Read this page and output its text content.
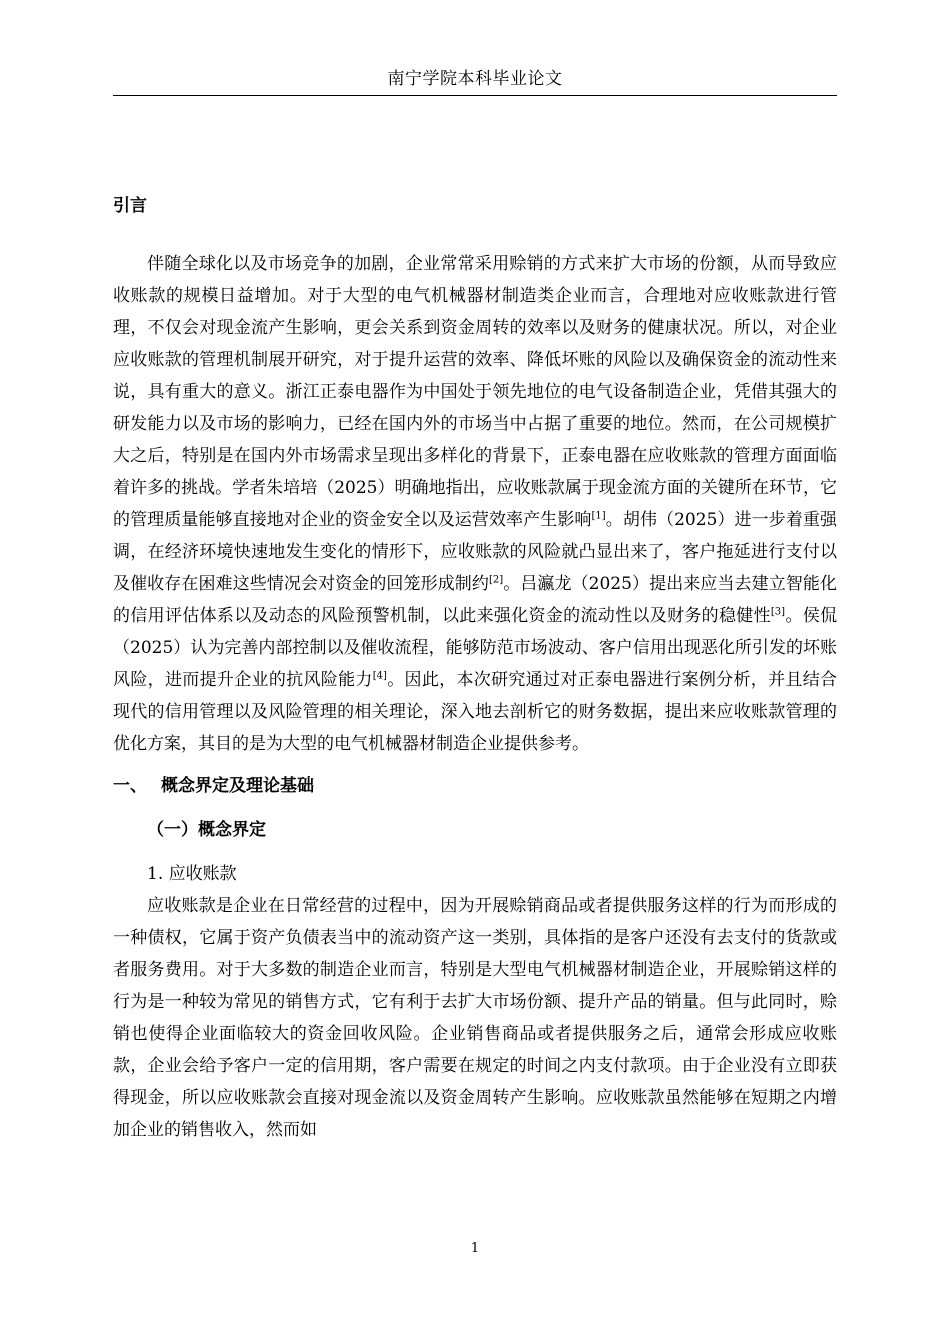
南宁学院本科毕业论文
引言

伴随全球化以及市场竞争的加剧，企业常常采用赊销的方式来扩大市场的份额，从而导致应收账款的规模日益增加。对于大型的电气机械器材制造类企业而言，合理地对应收账款进行管理，不仅会对现金流产生影响，更会关系到资金周转的效率以及财务的健康状况。所以，对企业应收账款的管理机制展开研究，对于提升运营的效率、降低坏账的风险以及确保资金的流动性来说，具有重大的意义。浙江正泰电器作为中国处于领先地位的电气设备制造企业，凭借其强大的研发能力以及市场的影响力，已经在国内外的市场当中占据了重要的地位。然而，在公司规模扩大之后，特别是在国内外市场需求呈现出多样化的背景下，正泰电器在应收账款的管理方面面临着许多的挑战。学者朱培培（2025）明确地指出，应收账款属于现金流方面的关键所在环节，它的管理质量能够直接地对企业的资金安全以及运营效率产生影响[1]。胡伟（2025）进一步着重强调，在经济环境快速地发生变化的情形下，应收账款的风险就凸显出来了，客户拖延进行支付以及催收存在困难这些情况会对资金的回笼形成制约[2]。吕瀛龙（2025）提出来应当去建立智能化的信用评估体系以及动态的风险预警机制，以此来强化资金的流动性以及财务的稳健性[3]。侯侃（2025）认为完善内部控制以及催收流程，能够防范市场波动、客户信用出现恶化所引发的坏账风险，进而提升企业的抗风险能力[4]。因此，本次研究通过对正泰电器进行案例分析，并且结合现代的信用管理以及风险管理的相关理论，深入地去剖析它的财务数据，提出来应收账款管理的优化方案，其目的是为大型的电气机械器材制造企业提供参考。

一、 概念界定及理论基础
（一）概念界定
1. 应收账款

应收账款是企业在日常经营的过程中，因为开展赊销商品或者提供服务这样的行为而形成的一种债权，它属于资产负债表当中的流动资产这一类别，具体指的是客户还没有去支付的货款或者服务费用。对于大多数的制造企业而言，特别是大型电气机械器材制造企业，开展赊销这样的行为是一种较为常见的销售方式，它有利于去扩大市场份额、提升产品的销量。但与此同时，赊销也使得企业面临较大的资金回收风险。企业销售商品或者提供服务之后，通常会形成应收账款，企业会给予客户一定的信用期，客户需要在规定的时间之内支付款项。由于企业没有立即获得现金，所以应收账款会直接对现金流以及资金周转产生影响。应收账款虽然能够在短期之内增加企业的销售收入，然而如

1
